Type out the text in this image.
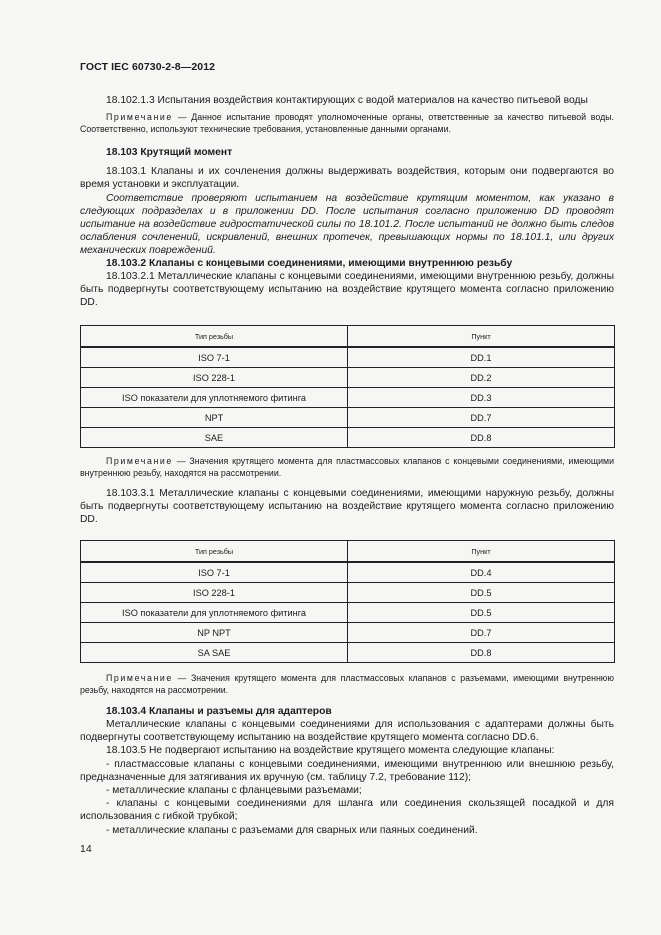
ГОСТ IEC 60730-2-8—2012

18.102.1.3 Испытания воздействия контактирующих с водой материалов на качество питьевой воды

Примечание — Данное испытание проводят уполномоченные органы, ответственные за качество питьевой воды. Соответственно, используют технические требования, установленные данными органами.

18.103 Крутящий момент

18.103.1 Клапаны и их сочленения должны выдерживать воздействия, которым они подвергаются во время установки и эксплуатации.

Соответствие проверяют испытанием на воздействие крутящим моментом, как указано в следующих подразделах и в приложении DD. После испытания согласно приложению DD проводят испытание на воздействие гидростатической силы по 18.101.2. После испытаний не должно быть следов ослабления сочленений, искривлений, внешних протечек, превышающих нормы по 18.101.1, или других механических повреждений.

18.103.2 Клапаны с концевыми соединениями, имеющими внутреннюю резьбу

18.103.2.1 Металлические клапаны с концевыми соединениями, имеющими внутреннюю резьбу, должны быть подвергнуты соответствующему испытанию на воздействие крутящего момента согласно приложению DD.

Тип резьбы	Пункт
ISO 7-1	DD.1
ISO 228-1	DD.2
ISO показатели для уплотняемого фитинга	DD.3
NPT	DD.7
SAE	DD.8

Примечание — Значения крутящего момента для пластмассовых клапанов с концевыми соединениями, имеющими внутреннюю резьбу, находятся на рассмотрении.

18.103.3.1 Металлические клапаны с концевыми соединениями, имеющими наружную резьбу, должны быть подвергнуты соответствующему испытанию на воздействие крутящего момента согласно приложению DD.

Тип резьбы	Пункт
ISO 7-1	DD.4
ISO 228-1	DD.5
ISO показатели для уплотняемого фитинга	DD.5
NP NPT	DD.7
SA SAE	DD.8

Примечание — Значения крутящего момента для пластмассовых клапанов с разъемами, имеющими внутреннюю резьбу, находятся на рассмотрении.

18.103.4 Клапаны и разъемы для адаптеров

Металлические клапаны с концевыми соединениями для использования с адаптерами должны быть подвергнуты соответствующему испытанию на воздействие крутящего момента согласно DD.6.

18.103.5 Не подвергают испытанию на воздействие крутящего момента следующие клапаны:

- пластмассовые клапаны с концевыми соединениями, имеющими внутреннюю или внешнюю резьбу, предназначенные для затягивания их вручную (см. таблицу 7.2, требование 112);

- металлические клапаны с фланцевыми разъемами;

- клапаны с концевыми соединениями для шланга или соединения скользящей посадкой и для использования с гибкой трубкой;

- металлические клапаны с разъемами для сварных или паяных соединений.

14
